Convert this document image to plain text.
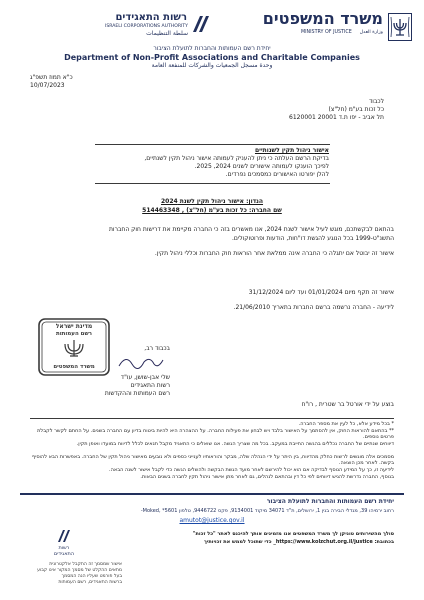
משרד המשפטים
MINISTRY OF JUSTICE وزارة العدل
רשות התאגידים
ISRAELI CORPORATIONS AUTHORITY
سلطة التنظيمات
יחידת רשם העמותות והחברות לתועלת הציבור
Department of Non-Profit Associations and Charitable Companies
وحدة مسجل الجمعيات والشركات للمنفعة العامة
כ"א תמוז תשפ"ג
10/07/2023
לכבוד
כל זכות בע"מ (חל"צ)
תל אביב - יפו ת.ד 20001 6120001
אישור ניהול תקין לשנותיים
בדיקת הרשם העלתה כי ניתן להעניק לעמותה אישור ניהול תקין לשנתיים,
לפיכך הוענקו לעמותה אישורים לשנים 2024, 2025.
להלן יפורטו האישורים כמסמכים נפרדים.
הנדון: אישור ניהול תקין לשנת 2024
שם החברה: כל זכות בע"מ (חל"צ) , 514463348
בהתאם לבקשתכם, מוגש לעיל אישור לשנת 2024, אנו מאשרים בזה כי החברה מקיימת את דרישות חוק החברות
התשנ"ט-1999 בכל הנוגע להגשת דו"חות, הודעות ופרוטוקולים.
אישור זה יבוטל אם יתגלה כי החברה אינה ממלאת אחר הוראות חוק החברות וכללי ניהול תקין.
אישור זה תקף מיום 01/01/2024 ועד ליום 31/12/2024
לידיעה - החברה נרשמה ברשם החברות בתאריך 21/06/2010.
מדינת ישראל
רשם העמותות
משרד המשפטים
בכבוד רב,
שלי אבן-שושן, עו"ד
רשות התאגידים
רשם העמותות וההקדשות
בוצע על ידי אורטל בר שטרית , רו"ח
* בכל מידע אלא, כל לעין את מספר החברה.
** בהתאם להוראות החוק, אין להסתמך על האישור בלבד ויש לבחון את פעילות החברה. על ההצהרה היא להיות ביטוח בדיון עם החברה בשנים. על החתם לקשר לקבלת פרטים נוספים.
דיווחים שנתיים של החברה נכללים בהגשה החייבת במעקב. בכל מה שצריך הגשה. אנו שואלים כי התאגיד מקבל תנאים לכלל לדיווח במועדו ואופן תקין.
מסמכים אלה מוגשים לרשות כחלק מהדיווח, בין היתר על ידי הנהלה שלה, מבקר והוראותיו לענייני כספים ולא נובעים מאישור ניהול תקין של החברה. באפשרות הבא להוסיף בקשה. לאחר מכן הוצאה.
לידיעה זו, כך על המידע הנוסף לבדיקה אם הוא יכול להירשם לאחר מועד הגשת הבקשה ולהשלים הגשה כדי לקבל אישור לשנה הבאה.
בנוסף, החברה נדרשת להגיש דיווחים לפי כל דין ובהתאם לנהלים, גם לאחר מתן אישור ניהול תקין לחברה בשנים הבאות.
יחידת רשם העמותות והחברות לתועלת הציבור
רחוב ירמיהו 39, מגדלי הבירה בנין 1, ירושלים, ת"ד 34071 מיקוד 9134001, פקס 9446722, טלפון 5601* ,Moked-
amutot@justice.gov.il
סולך מהשירותים טוניקן לך משרד המשפטים אנו מזמינים אותך להיכנס לאתר "כל זכות"
בכתובת: https://www.kolzchut.org.il/justice_ כדי שתוכל לממש את זכויותיך
רשות
התאגידים
אישור שמסמך זה התקבל אלקטרונית
מתאים ההקלט של מסמך המקור אינו קבוע
בעל פורמט שעליו הנה המסמך
ברשות התאגידים, רשם העמותות
